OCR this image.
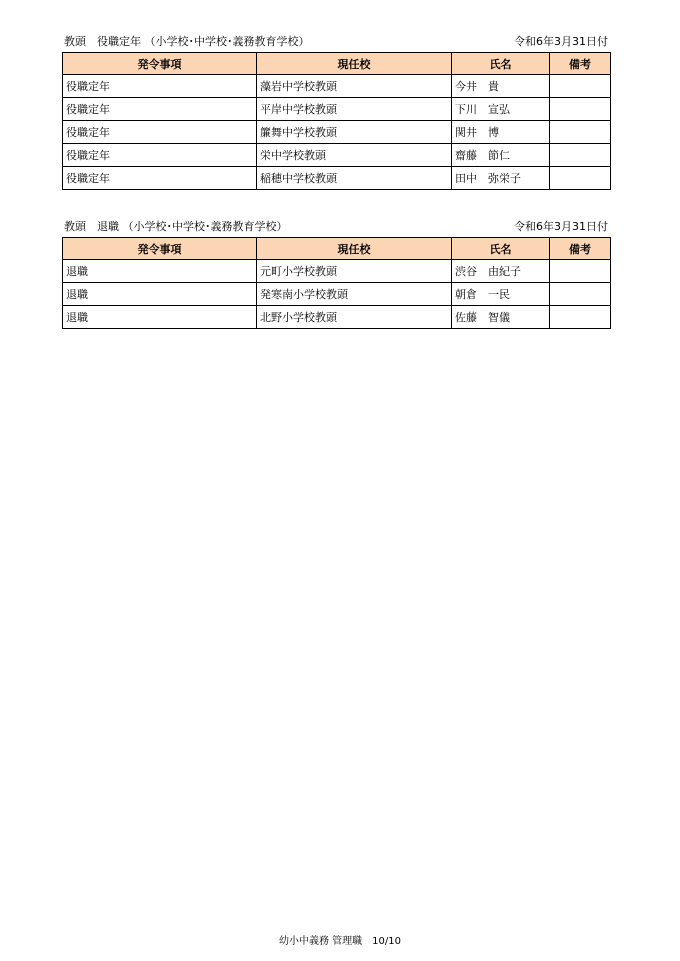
教頭　役職定年 （小学校･中学校･義務教育学校）	令和6年3月31日付
発令事項	現任校	氏名	備考
役職定年	藻岩中学校教頭	今井　貴	
役職定年	平岸中学校教頭	下川　宣弘	
役職定年	簾舞中学校教頭	関井　博	
役職定年	栄中学校教頭	齋藤　節仁	
役職定年	稲穂中学校教頭	田中　弥栄子	
教頭　退職 （小学校･中学校･義務教育学校）	令和6年3月31日付
発令事項	現任校	氏名	備考
退職	元町小学校教頭	渋谷　由紀子	
退職	発寒南小学校教頭	朝倉　一民	
退職	北野小学校教頭	佐藤　智儀	
幼小中義務 管理職　10/10
